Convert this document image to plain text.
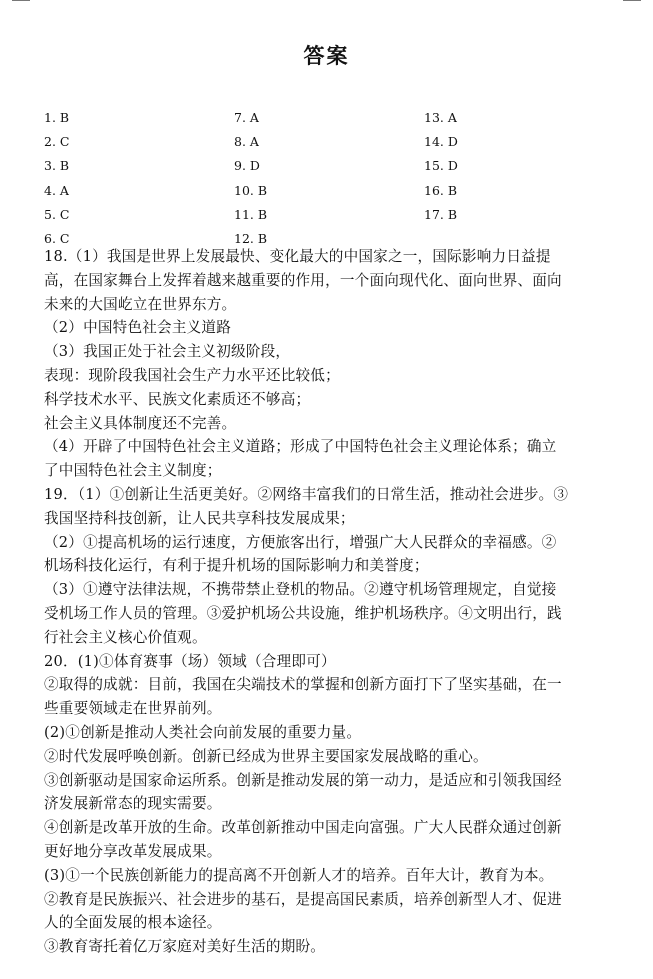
答案
1. B
2. C
3. B
4. A
5. C
6. C
7. A
8. A
9. D
10. B
11. B
12. B
13. A
14. D
15. D
16. B
17. B

18.（1）我国是世界上发展最快、变化最大的中国家之一，国际影响力日益提

高，在国家舞台上发挥着越来越重要的作用，一个面向现代化、面向世界、面向

未来的大国屹立在世界东方。

（2）中国特色社会主义道路

（3）我国正处于社会主义初级阶段，

表现：现阶段我国社会生产力水平还比较低；

科学技术水平、民族文化素质还不够高；

社会主义具体制度还不完善。

（4）开辟了中国特色社会主义道路；形成了中国特色社会主义理论体系；确立

了中国特色社会主义制度；

19．（1）①创新让生活更美好。②网络丰富我们的日常生活，推动社会进步。③

我国坚持科技创新，让人民共享科技发展成果；

（2）①提高机场的运行速度，方便旅客出行，增强广大人民群众的幸福感。②

机场科技化运行，有利于提升机场的国际影响力和美誉度；

（3）①遵守法律法规，不携带禁止登机的物品。②遵守机场管理规定，自觉接

受机场工作人员的管理。③爱护机场公共设施，维护机场秩序。④文明出行，践

行社会主义核心价值观。

20．(1)①体育赛事（场）领域（合理即可）

②取得的成就：目前，我国在尖端技术的掌握和创新方面打下了坚实基础，在一

些重要领域走在世界前列。

(2)①创新是推动人类社会向前发展的重要力量。

②时代发展呼唤创新。创新已经成为世界主要国家发展战略的重心。

③创新驱动是国家命运所系。创新是推动发展的第一动力，是适应和引领我国经

济发展新常态的现实需要。

④创新是改革开放的生命。改革创新推动中国走向富强。广大人民群众通过创新

更好地分享改革发展成果。

(3)①一个民族创新能力的提高离不开创新人才的培养。百年大计，教育为本。

②教育是民族振兴、社会进步的基石，是提高国民素质，培养创新型人才、促进

人的全面发展的根本途径。

③教育寄托着亿万家庭对美好生活的期盼。
